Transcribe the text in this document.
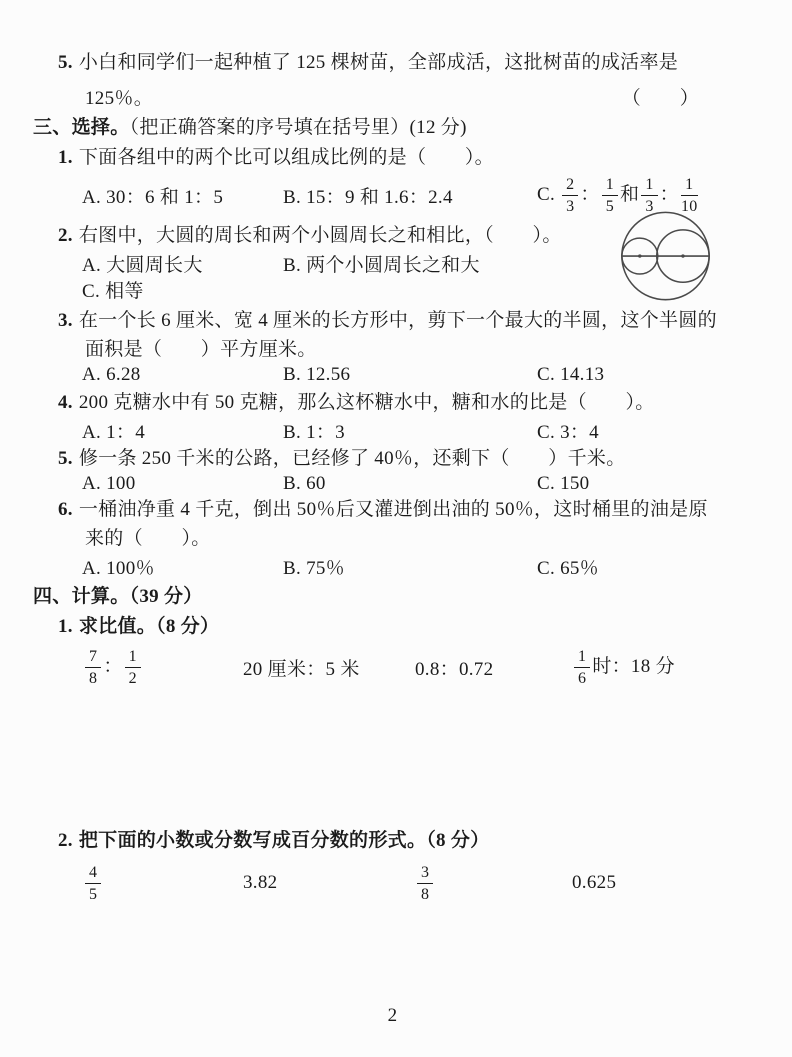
5. 小白和同学们一起种植了 125 棵树苗，全部成活，这批树苗的成活率是

125％。	（　　）

三、选择。（把正确答案的序号填在括号里）(12 分)

1. 下面各组中的两个比可以组成比例的是（　　）。

A. 30：6 和 1：5	B. 15：9 和 1.6：2.4	C. $\frac{2}{3}$ ： $\frac{1}{5}$ 和 $\frac{1}{3}$ ： $\frac{1}{10}$

2. 右图中，大圆的周长和两个小圆周长之和相比，（　　）。

A. 大圆周长大	B. 两个小圆周长之和大

C. 相等

3. 在一个长 6 厘米、宽 4 厘米的长方形中，剪下一个最大的半圆，这个半圆的

面积是（　　）平方厘米。

A. 6.28	B. 12.56	C. 14.13

4. 200 克糖水中有 50 克糖，那么这杯糖水中，糖和水的比是（　　）。

A. 1：4	B. 1：3	C. 3：4

5. 修一条 250 千米的公路，已经修了 40％，还剩下（　　）千米。

A. 100	B. 60	C. 150

6. 一桶油净重 4 千克，倒出 50％后又灌进倒出油的 50％，这时桶里的油是原

来的（　　）。

A. 100％	B. 75％	C. 65％

四、计算。（39 分）

1. 求比值。（8 分）

$\frac{7}{8}$ ： $\frac{1}{2}$	20 厘米：5 米	0.8：0.72	$\frac{1}{6}$ 时：18 分

2. 把下面的小数或分数写成百分数的形式。（8 分）

$\frac{4}{5}$	3.82	$\frac{3}{8}$	0.625

2
